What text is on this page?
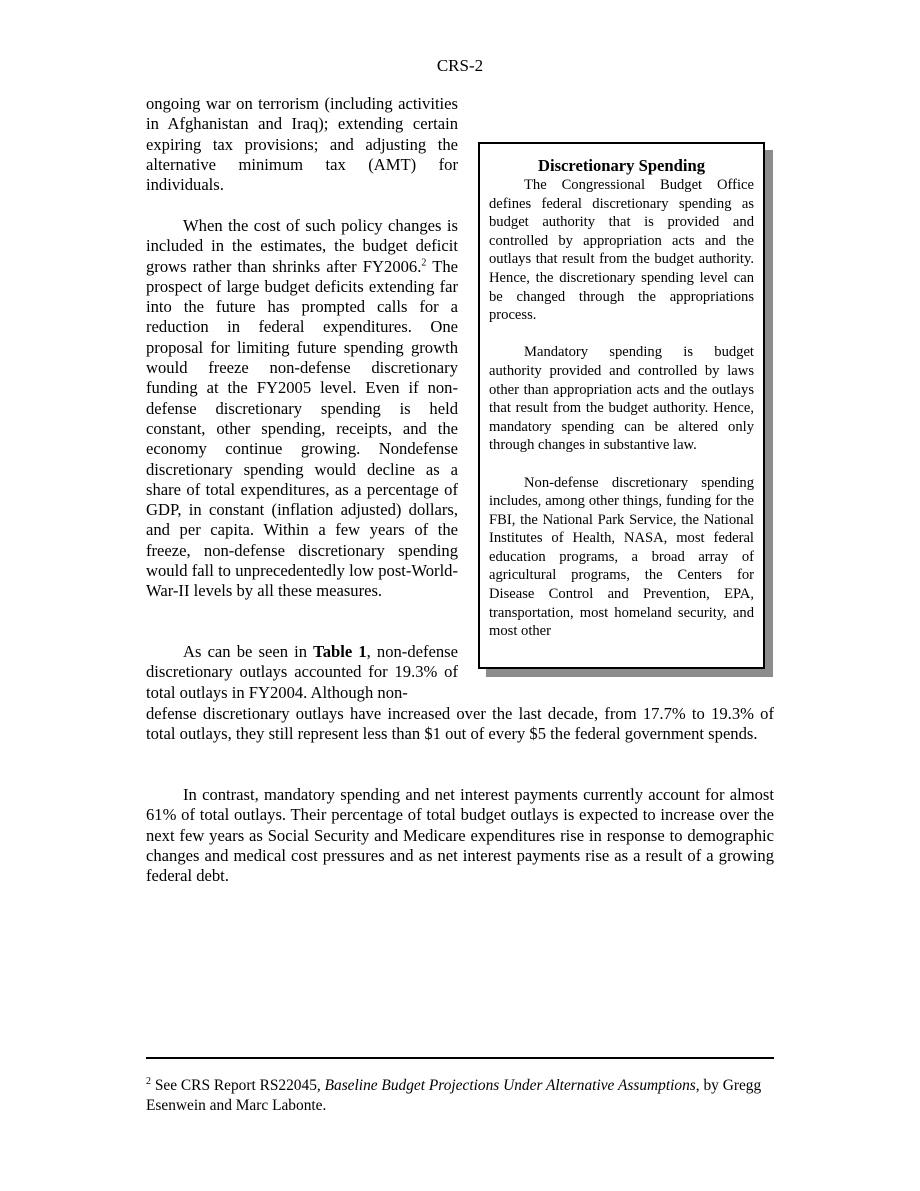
CRS-2
ongoing war on terrorism (including activities in Afghanistan and Iraq); extending certain expiring tax provisions; and adjusting the alternative minimum tax (AMT) for individuals.
When the cost of such policy changes is included in the estimates, the budget deficit grows rather than shrinks after FY2006.$^2$ The prospect of large budget deficits extending far into the future has prompted calls for a reduction in federal expenditures. One proposal for limiting future spending growth would freeze non-defense discretionary funding at the FY2005 level. Even if non-defense discretionary spending is held constant, other spending, receipts, and the economy continue growing. Nondefense discretionary spending would decline as a share of total expenditures, as a percentage of GDP, in constant (inflation adjusted) dollars, and per capita. Within a few years of the freeze, non-defense discretionary spending would fall to unprecedentedly low post-World-War-II levels by all these measures.
As can be seen in Table 1, non-defense discretionary outlays accounted for 19.3% of total outlays in FY2004. Although non-
defense discretionary outlays have increased over the last decade, from 17.7% to 19.3% of total outlays, they still represent less than $1 out of every $5 the federal government spends.
In contrast, mandatory spending and net interest payments currently account for almost 61% of total outlays. Their percentage of total budget outlays is expected to increase over the next few years as Social Security and Medicare expenditures rise in response to demographic changes and medical cost pressures and as net interest payments rise as a result of a growing federal debt.
Discretionary Spending

The Congressional Budget Office defines federal discretionary spending as budget authority that is provided and controlled by appropriation acts and the outlays that result from the budget authority. Hence, the discretionary spending level can be changed through the appropriations process.

Mandatory spending is budget authority provided and controlled by laws other than appropriation acts and the outlays that result from the budget authority. Hence, mandatory spending can be altered only through changes in substantive law.

Non-defense discretionary spending includes, among other things, funding for the FBI, the National Park Service, the National Institutes of Health, NASA, most federal education programs, a broad array of agricultural programs, the Centers for Disease Control and Prevention, EPA, transportation, most homeland security, and most other

$^2$ See CRS Report RS22045, Baseline Budget Projections Under Alternative Assumptions, by Gregg Esenwein and Marc Labonte.
